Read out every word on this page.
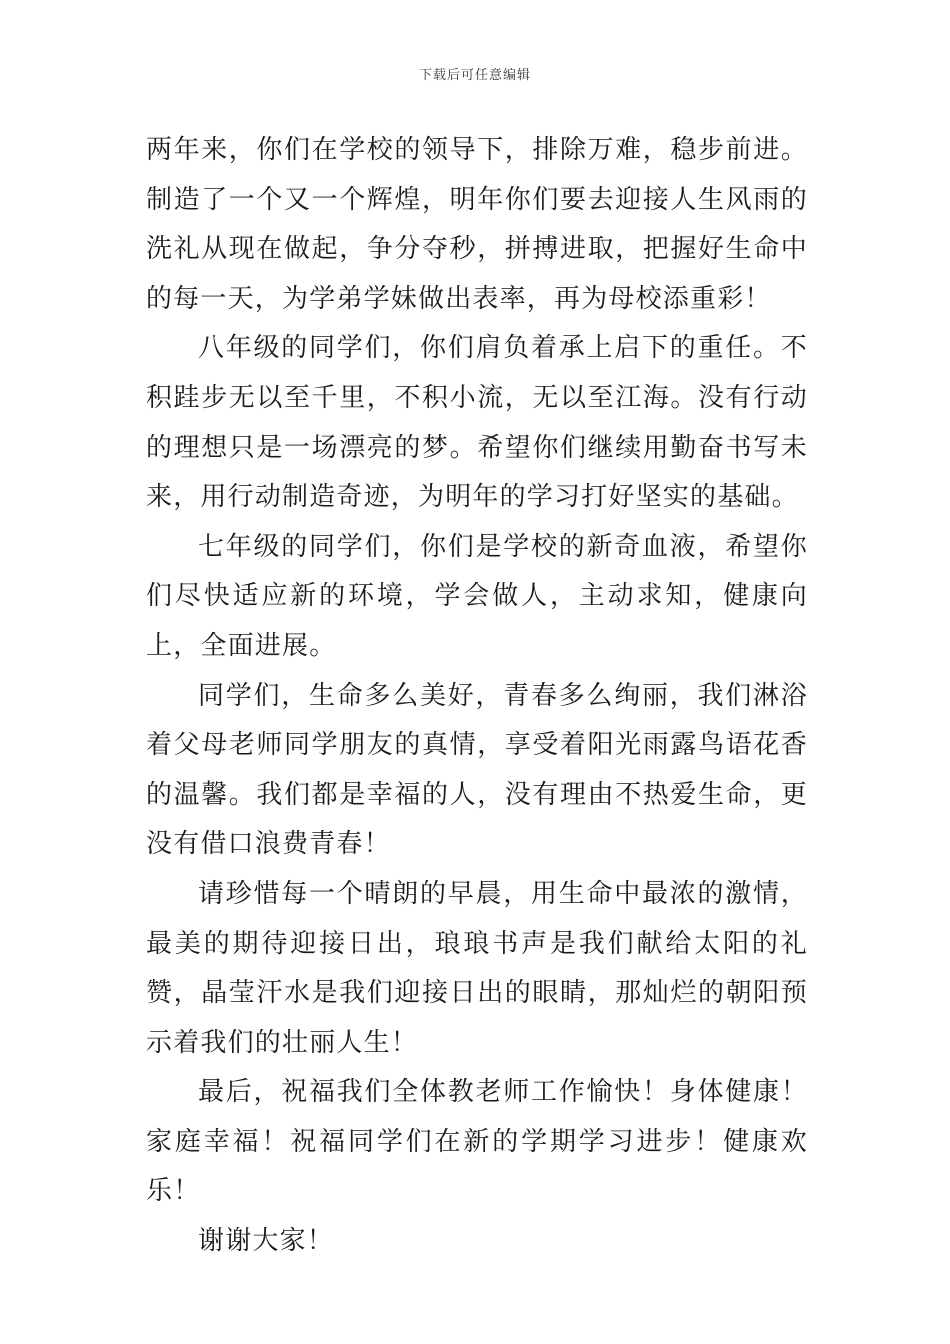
下载后可任意编辑

两年来，你们在学校的领导下，排除万难，稳步前进。制造了一个又一个辉煌，明年你们要去迎接人生风雨的洗礼从现在做起，争分夺秒，拼搏进取，把握好生命中的每一天，为学弟学妹做出表率，再为母校添重彩！

八年级的同学们，你们肩负着承上启下的重任。不积跬步无以至千里，不积小流，无以至江海。没有行动的理想只是一场漂亮的梦。希望你们继续用勤奋书写未来，用行动制造奇迹，为明年的学习打好坚实的基础。

七年级的同学们，你们是学校的新奇血液，希望你们尽快适应新的环境，学会做人，主动求知，健康向上，全面进展。

同学们，生命多么美好，青春多么绚丽，我们淋浴着父母老师同学朋友的真情，享受着阳光雨露鸟语花香的温馨。我们都是幸福的人，没有理由不热爱生命，更没有借口浪费青春！

请珍惜每一个晴朗的早晨，用生命中最浓的激情，最美的期待迎接日出，琅琅书声是我们献给太阳的礼赞，晶莹汗水是我们迎接日出的眼睛，那灿烂的朝阳预示着我们的壮丽人生！

最后，祝福我们全体教老师工作愉快！身体健康！家庭幸福！祝福同学们在新的学期学习进步！健康欢乐！

谢谢大家！
